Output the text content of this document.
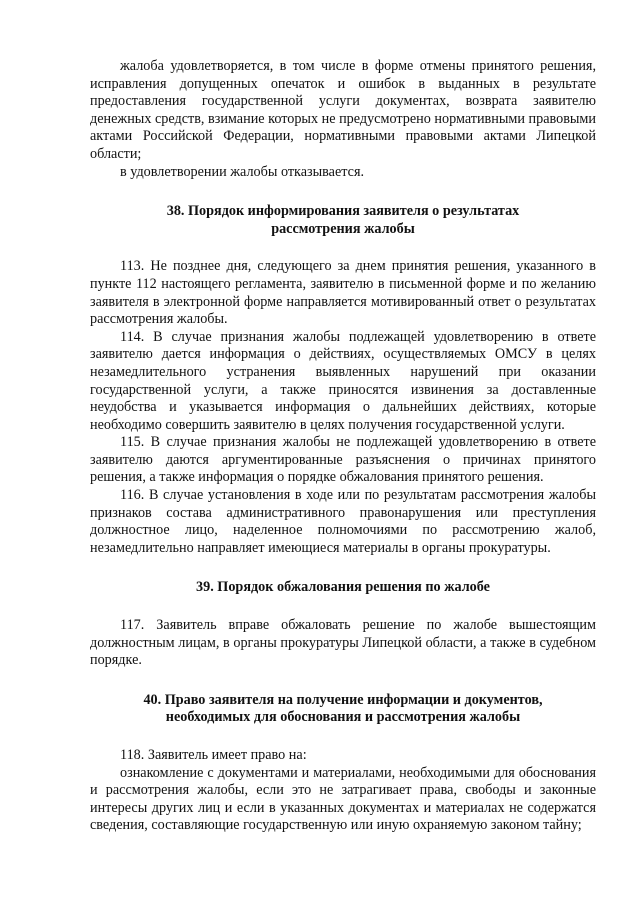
жалоба удовлетворяется, в том числе в форме отмены принятого решения, исправления допущенных опечаток и ошибок в выданных в результате предоставления государственной услуги документах, возврата заявителю денежных средств, взимание которых не предусмотрено нормативными правовыми актами Российской Федерации, нормативными правовыми актами Липецкой области;

в удовлетворении жалобы отказывается.

38. Порядок информирования заявителя о результатах
рассмотрения жалобы

113. Не позднее дня, следующего за днем принятия решения, указанного в пункте 112 настоящего регламента, заявителю в письменной форме и по желанию заявителя в электронной форме направляется мотивированный ответ о результатах рассмотрения жалобы.

114. В случае признания жалобы подлежащей удовлетворению в ответе заявителю дается информация о действиях, осуществляемых ОМСУ в целях незамедлительного устранения выявленных нарушений при оказании государственной услуги, а также приносятся извинения за доставленные неудобства и указывается информация о дальнейших действиях, которые необходимо совершить заявителю в целях получения государственной услуги.

115. В случае признания жалобы не подлежащей удовлетворению в ответе заявителю даются аргументированные разъяснения о причинах принятого решения, а также информация о порядке обжалования принятого решения.

116. В случае установления в ходе или по результатам рассмотрения жалобы признаков состава административного правонарушения или преступления должностное лицо, наделенное полномочиями по рассмотрению жалоб, незамедлительно направляет имеющиеся материалы в органы прокуратуры.

39. Порядок обжалования решения по жалобе

117. Заявитель вправе обжаловать решение по жалобе вышестоящим должностным лицам, в органы прокуратуры Липецкой области, а также в судебном порядке.

40. Право заявителя на получение информации и документов,
необходимых для обоснования и рассмотрения жалобы

118. Заявитель имеет право на:

ознакомление с документами и материалами, необходимыми для обоснования и рассмотрения жалобы, если это не затрагивает права, свободы и законные интересы других лиц и если в указанных документах и материалах не содержатся сведения, составляющие государственную или иную охраняемую законом тайну;
